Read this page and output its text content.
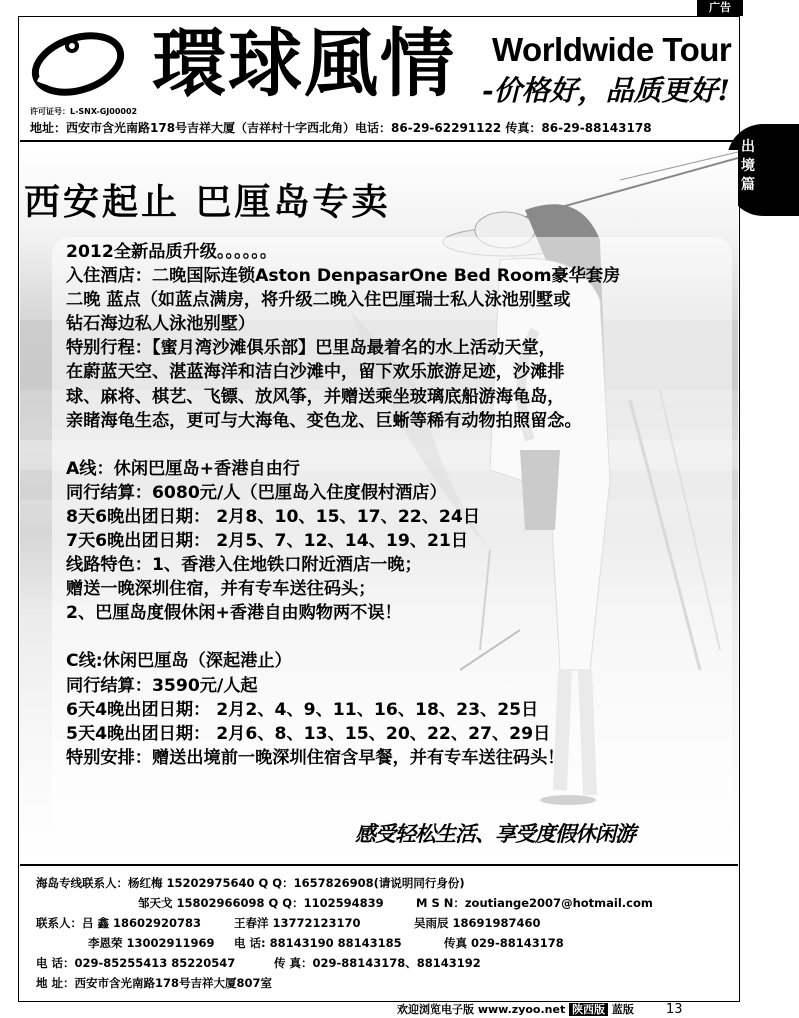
广告
環球風情 Worldwide Tour
-价格好，品质更好!
许可证号：L-SNX-GJ00002
地址：西安市含光南路178号吉祥大厦（吉祥村十字西北角）电话：86-29-62291122 传真：86-29-88143178
出境篇
西安起止 巴厘岛专卖
2012全新品质升级。。。。。。
入住酒店：二晚国际连锁Aston DenpasarOne Bed Room豪华套房
二晚 蓝点（如蓝点满房，将升级二晚入住巴厘瑞士私人泳池别墅或
钻石海边私人泳池别墅）
特别行程：【蜜月湾沙滩俱乐部】巴里岛最着名的水上活动天堂，
在蔚蓝天空、湛蓝海洋和洁白沙滩中，留下欢乐旅游足迹，沙滩排
球、麻将、棋艺、飞镖、放风筝，并赠送乘坐玻璃底船游海龟岛，
亲睹海龟生态，更可与大海龟、变色龙、巨蜥等稀有动物拍照留念。
A线：休闲巴厘岛+香港自由行
同行结算：6080元/人（巴厘岛入住度假村酒店）
8天6晚出团日期： 2月8、10、15、17、22、24日
7天6晚出团日期： 2月5、7、12、14、19、21日
线路特色：1、香港入住地铁口附近酒店一晚；
赠送一晚深圳住宿，并有专车送往码头；
2、巴厘岛度假休闲+香港自由购物两不误！
C线:休闲巴厘岛（深起港止）
同行结算：3590元/人起
6天4晚出团日期： 2月2、4、9、11、16、18、23、25日
5天4晚出团日期： 2月6、8、13、15、20、22、27、29日
特别安排：赠送出境前一晚深圳住宿含早餐，并有专车送往码头！
感受轻松生活、享受度假休闲游
海岛专线联系人：杨红梅 15202975640 Q Q：1657826908(请说明同行身份)
邹天戈 15802966098 Q Q：1102594839	M S N：zoutiange2007@hotmail.com
联系人：吕 鑫 18602920783	王春洋 13772123170	吴雨辰 18691987460
李恩荣 13002911969 电 话: 88143190 88143185	传真 029-88143178
电 话：029-85255413 85220547	传 真：029-88143178、88143192
地 址：西安市含光南路178号吉祥大厦807室
欢迎浏览电子版 www.zyoo.net 陕西版 蓝版 13
